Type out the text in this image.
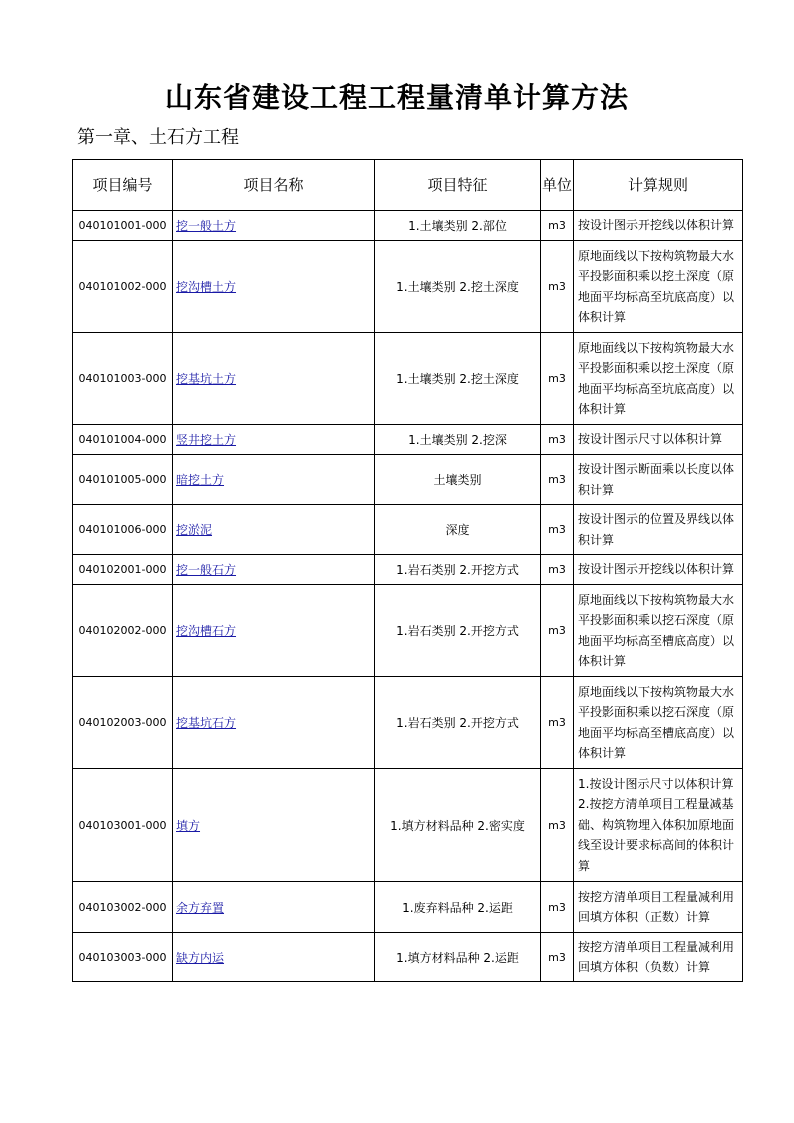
山东省建设工程工程量清单计算方法
第一章、土石方工程
项目编号	项目名称	项目特征	单位	计算规则
040101001-000	挖一般土方	1.土壤类别 2.部位	m3	按设计图示开挖线以体积计算
040101002-000	挖沟槽土方	1.土壤类别 2.挖土深度	m3	原地面线以下按构筑物最大水平投影面积乘以挖土深度（原地面平均标高至坑底高度）以体积计算
040101003-000	挖基坑土方	1.土壤类别 2.挖土深度	m3	原地面线以下按构筑物最大水平投影面积乘以挖土深度（原地面平均标高至坑底高度）以体积计算
040101004-000	竖井挖土方	1.土壤类别 2.挖深	m3	按设计图示尺寸以体积计算
040101005-000	暗挖土方	土壤类别	m3	按设计图示断面乘以长度以体积计算
040101006-000	挖淤泥	深度	m3	按设计图示的位置及界线以体积计算
040102001-000	挖一般石方	1.岩石类别 2.开挖方式	m3	按设计图示开挖线以体积计算
040102002-000	挖沟槽石方	1.岩石类别 2.开挖方式	m3	原地面线以下按构筑物最大水平投影面积乘以挖石深度（原地面平均标高至槽底高度）以体积计算
040102003-000	挖基坑石方	1.岩石类别 2.开挖方式	m3	原地面线以下按构筑物最大水平投影面积乘以挖石深度（原地面平均标高至槽底高度）以体积计算
040103001-000	填方	1.填方材料品种 2.密实度	m3	1.按设计图示尺寸以体积计算 2.按挖方清单项目工程量减基础、构筑物埋入体积加原地面线至设计要求标高间的体积计算
040103002-000	余方弃置	1.废弃料品种 2.运距	m3	按挖方清单项目工程量减利用回填方体积（正数）计算
040103003-000	缺方内运	1.填方材料品种 2.运距	m3	按挖方清单项目工程量减利用回填方体积（负数）计算
